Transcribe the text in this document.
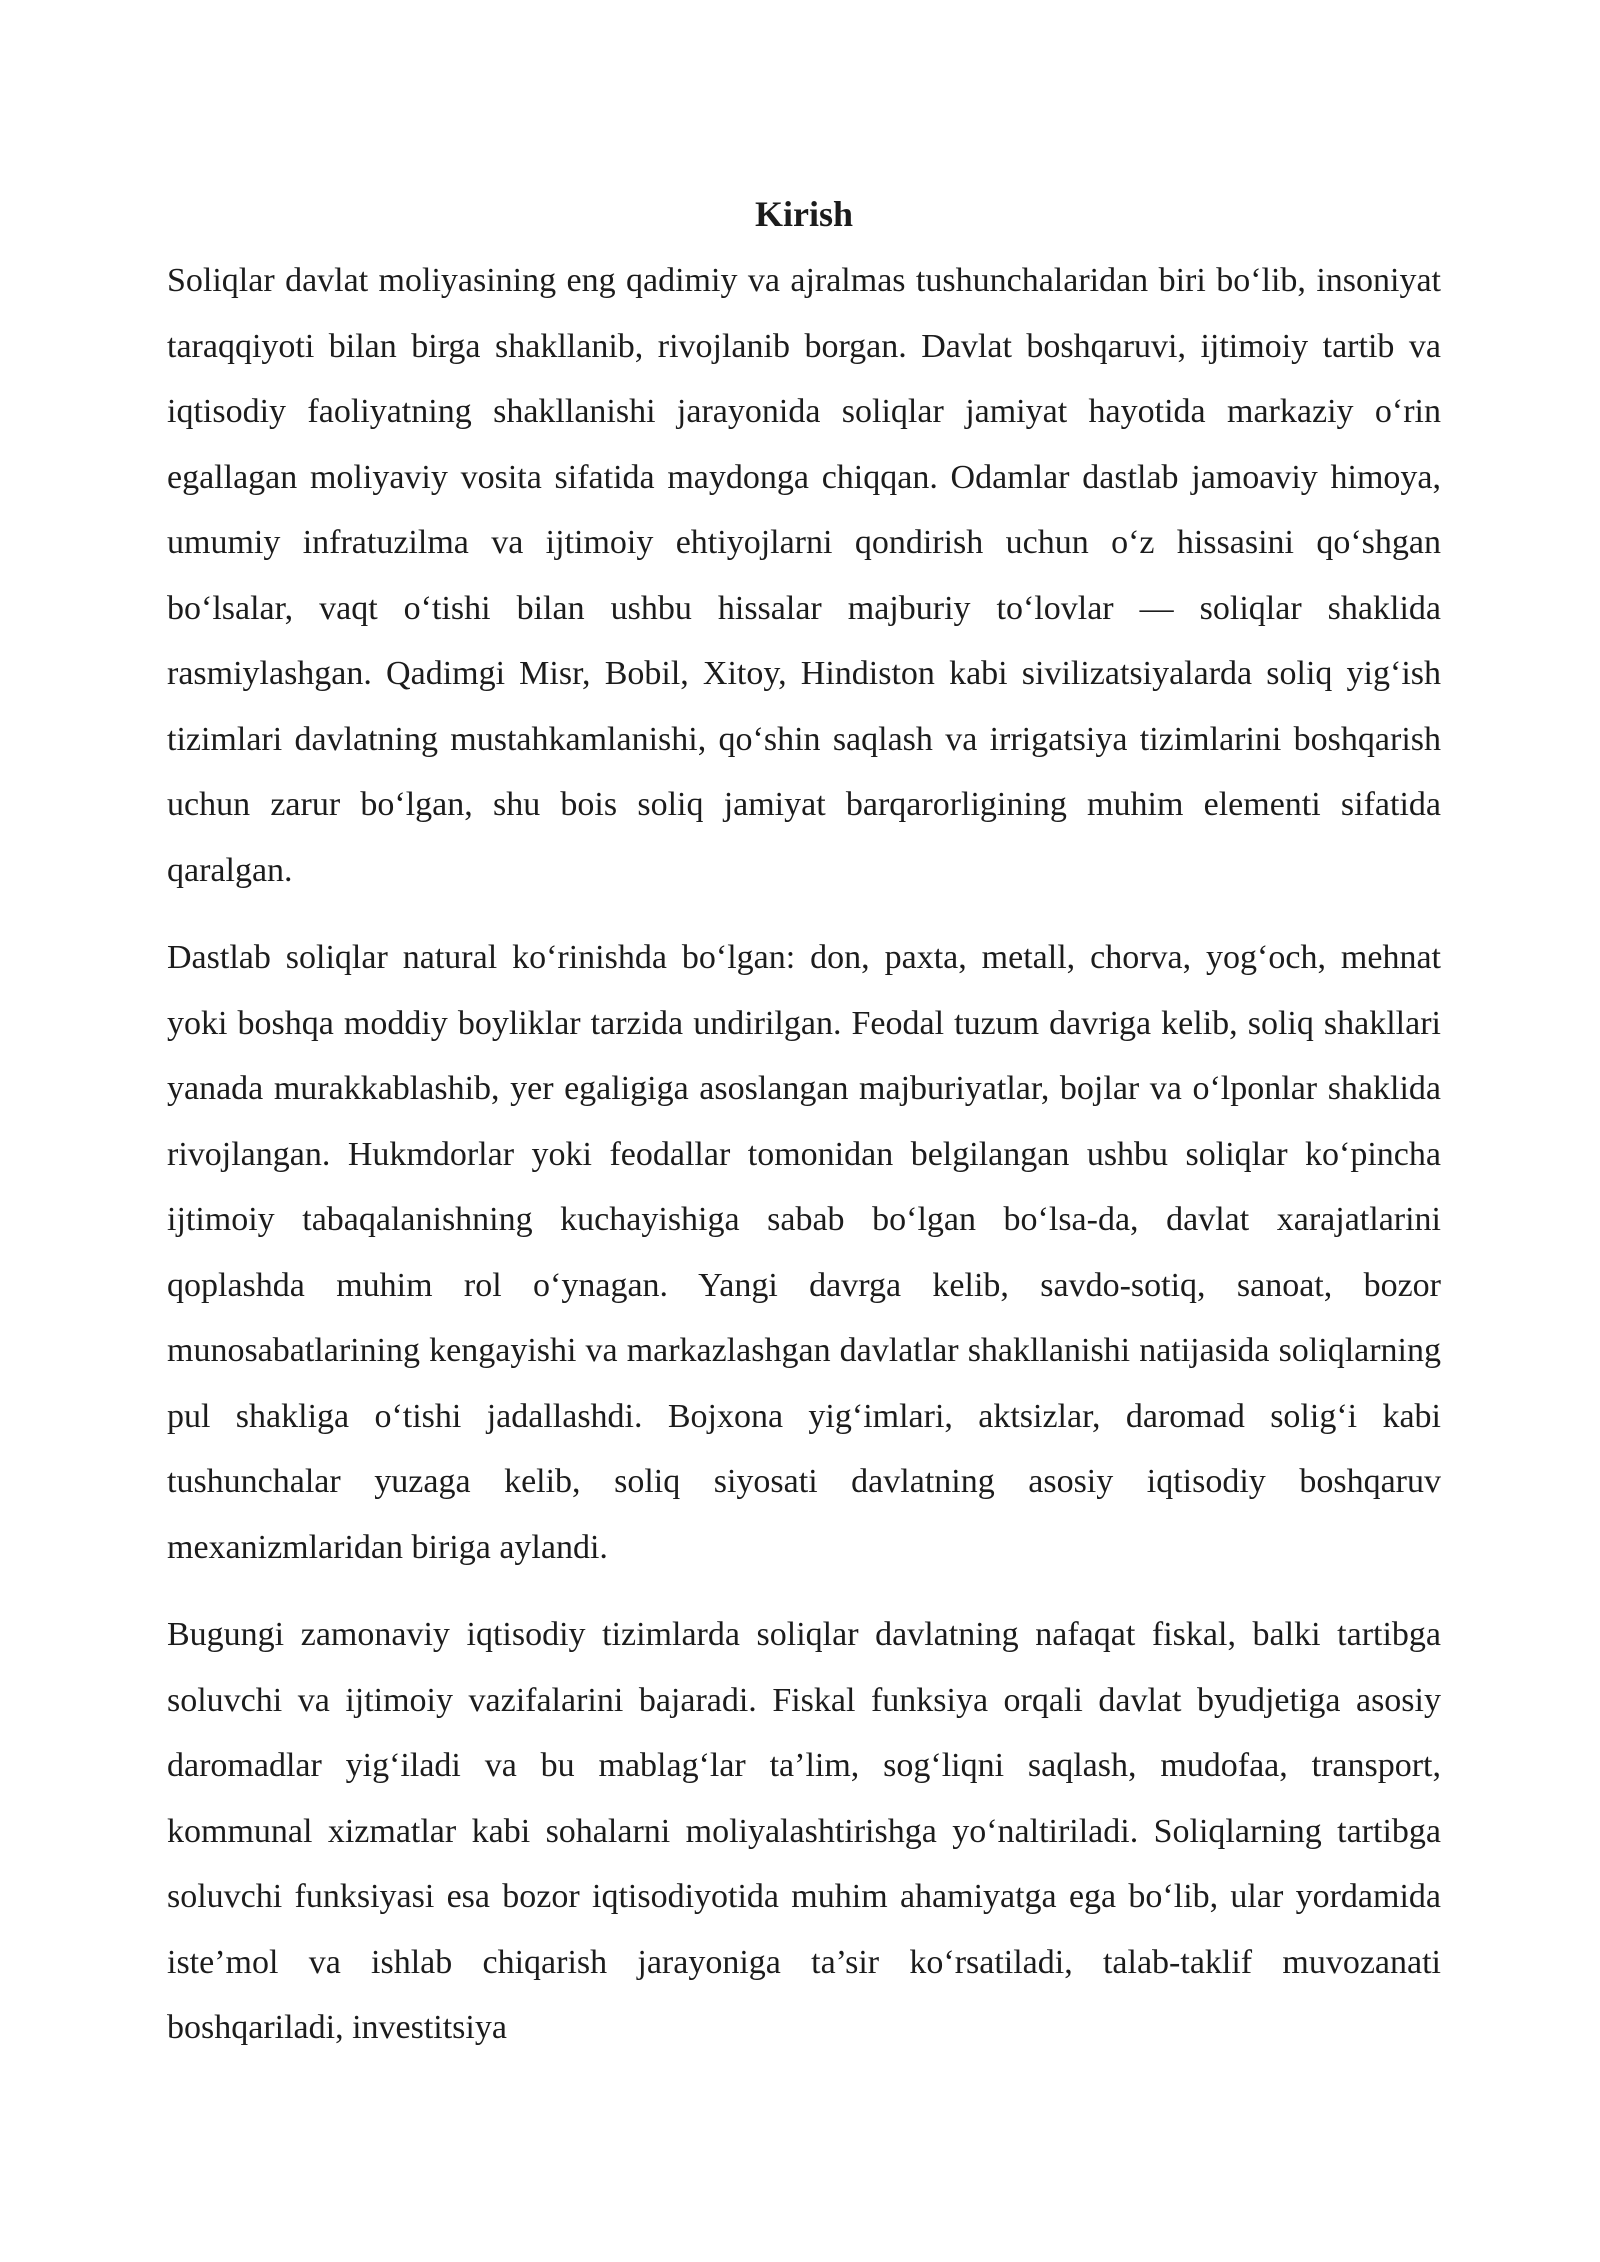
Kirish

Soliqlar davlat moliyasining eng qadimiy va ajralmas tushunchalaridan biri bo‘lib, insoniyat taraqqiyoti bilan birga shakllanib, rivojlanib borgan. Davlat boshqaruvi, ijtimoiy tartib va iqtisodiy faoliyatning shakllanishi jarayonida soliqlar jamiyat hayotida markaziy o‘rin egallagan moliyaviy vosita sifatida maydonga chiqqan. Odamlar dastlab jamoaviy himoya, umumiy infratuzilma va ijtimoiy ehtiyojlarni qondirish uchun o‘z hissasini qo‘shgan bo‘lsalar, vaqt o‘tishi bilan ushbu hissalar majburiy to‘lovlar — soliqlar shaklida rasmiylashgan. Qadimgi Misr, Bobil, Xitoy, Hindiston kabi sivilizatsiyalarda soliq yig‘ish tizimlari davlatning mustahkamlanishi, qo‘shin saqlash va irrigatsiya tizimlarini boshqarish uchun zarur bo‘lgan, shu bois soliq jamiyat barqarorligining muhim elementi sifatida qaralgan.

Dastlab soliqlar natural ko‘rinishda bo‘lgan: don, paxta, metall, chorva, yog‘och, mehnat yoki boshqa moddiy boyliklar tarzida undirilgan. Feodal tuzum davriga kelib, soliq shakllari yanada murakkablashib, yer egaligiga asoslangan majburiyatlar, bojlar va o‘lponlar shaklida rivojlangan. Hukmdorlar yoki feodallar tomonidan belgilangan ushbu soliqlar ko‘pincha ijtimoiy tabaqalanishning kuchayishiga sabab bo‘lgan bo‘lsa-da, davlat xarajatlarini qoplashda muhim rol o‘ynagan. Yangi davrga kelib, savdo-sotiq, sanoat, bozor munosabatlarining kengayishi va markazlashgan davlatlar shakllanishi natijasida soliqlarning pul shakliga o‘tishi jadallashdi. Bojxona yig‘imlari, aktsizlar, daromad solig‘i kabi tushunchalar yuzaga kelib, soliq siyosati davlatning asosiy iqtisodiy boshqaruv mexanizmlaridan biriga aylandi.

Bugungi zamonaviy iqtisodiy tizimlarda soliqlar davlatning nafaqat fiskal, balki tartibga soluvchi va ijtimoiy vazifalarini bajaradi. Fiskal funksiya orqali davlat byudjetiga asosiy daromadlar yig‘iladi va bu mablag‘lar ta’lim, sog‘liqni saqlash, mudofaa, transport, kommunal xizmatlar kabi sohalarni moliyalashtirishga yo‘naltiriladi. Soliqlarning tartibga soluvchi funksiyasi esa bozor iqtisodiyotida muhim ahamiyatga ega bo‘lib, ular yordamida iste’mol va ishlab chiqarish jarayoniga ta’sir ko‘rsatiladi, talab-taklif muvozanati boshqariladi, investitsiya
